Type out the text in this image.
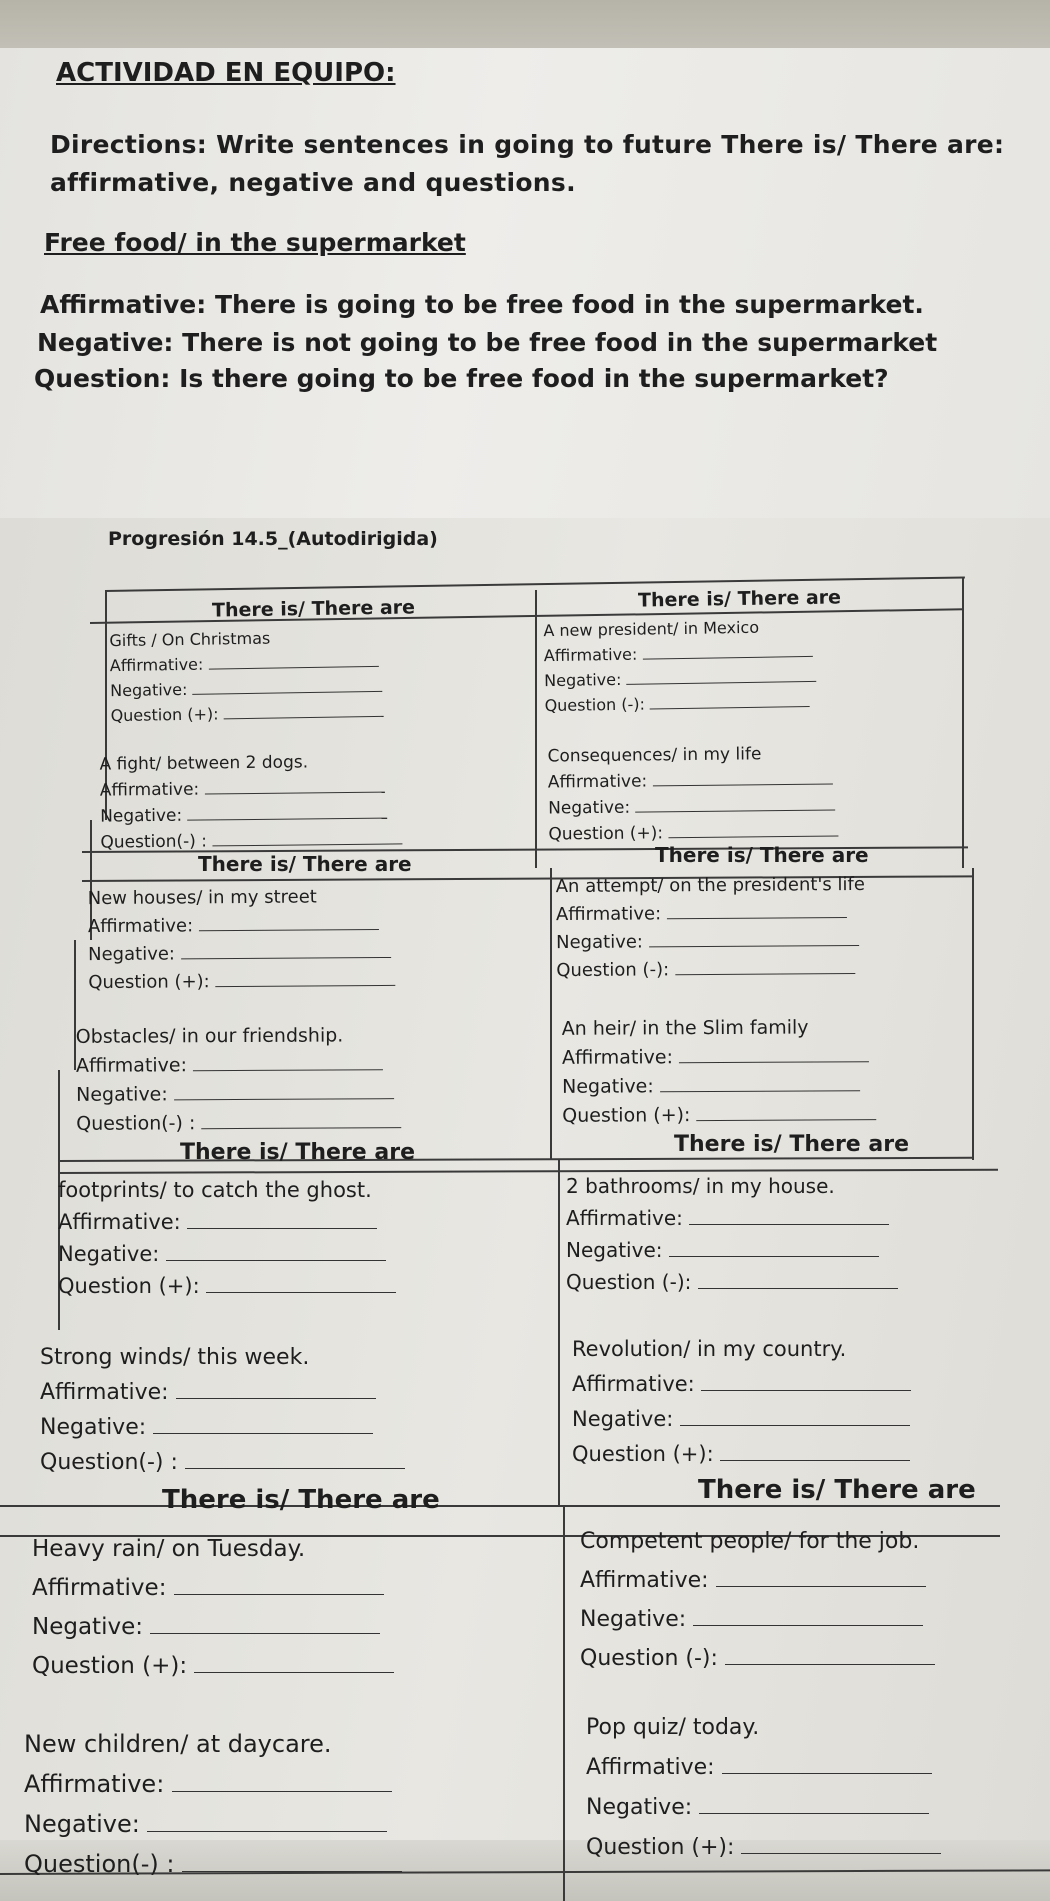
ACTIVIDAD EN EQUIPO:
Directions: Write sentences in going to future There is/ There are: affirmative, negative and questions.
Free food/ in the supermarket
Affirmative: There is going to be free food in the supermarket.
Negative: There is not going to be free food in the supermarket
Question: Is there going to be free food in the supermarket?
Progresión 14.5_(Autodirigida)
There is/ There are	There is/ There are
There is/ There are	There is/ There are
There is/ There are	There is/ There are
There is/ There are	There is/ There are
Gifts / On Christmas
Affirmative:
Negative:
Question (+):
A new president/ in Mexico
Affirmative:
Negative:
Question (-):
A fight/ between 2 dogs.
Affirmative:
Negative:
Question(-) :
Consequences/ in my life
Affirmative:
Negative:
Question (+):
New houses/ in my street
Affirmative:
Negative:
Question (+):
An attempt/ on the president's life
Affirmative:
Negative:
Question (-):
Obstacles/ in our friendship.
Affirmative:
Negative:
Question(-) :
An heir/ in the Slim family
Affirmative:
Negative:
Question (+):
footprints/ to catch the ghost.
Affirmative:
Negative:
Question (+):
2 bathrooms/ in my house.
Affirmative:
Negative:
Question (-):
Strong winds/ this week.
Affirmative:
Negative:
Question(-) :
Revolution/ in my country.
Affirmative:
Negative:
Question (+):
Heavy rain/ on Tuesday.
Affirmative:
Negative:
Question (+):
Competent people/ for the job.
Affirmative:
Negative:
Question (-):
New children/ at daycare.
Affirmative:
Negative:
Question(-) :
Pop quiz/ today.
Affirmative:
Negative:
Question (+):
